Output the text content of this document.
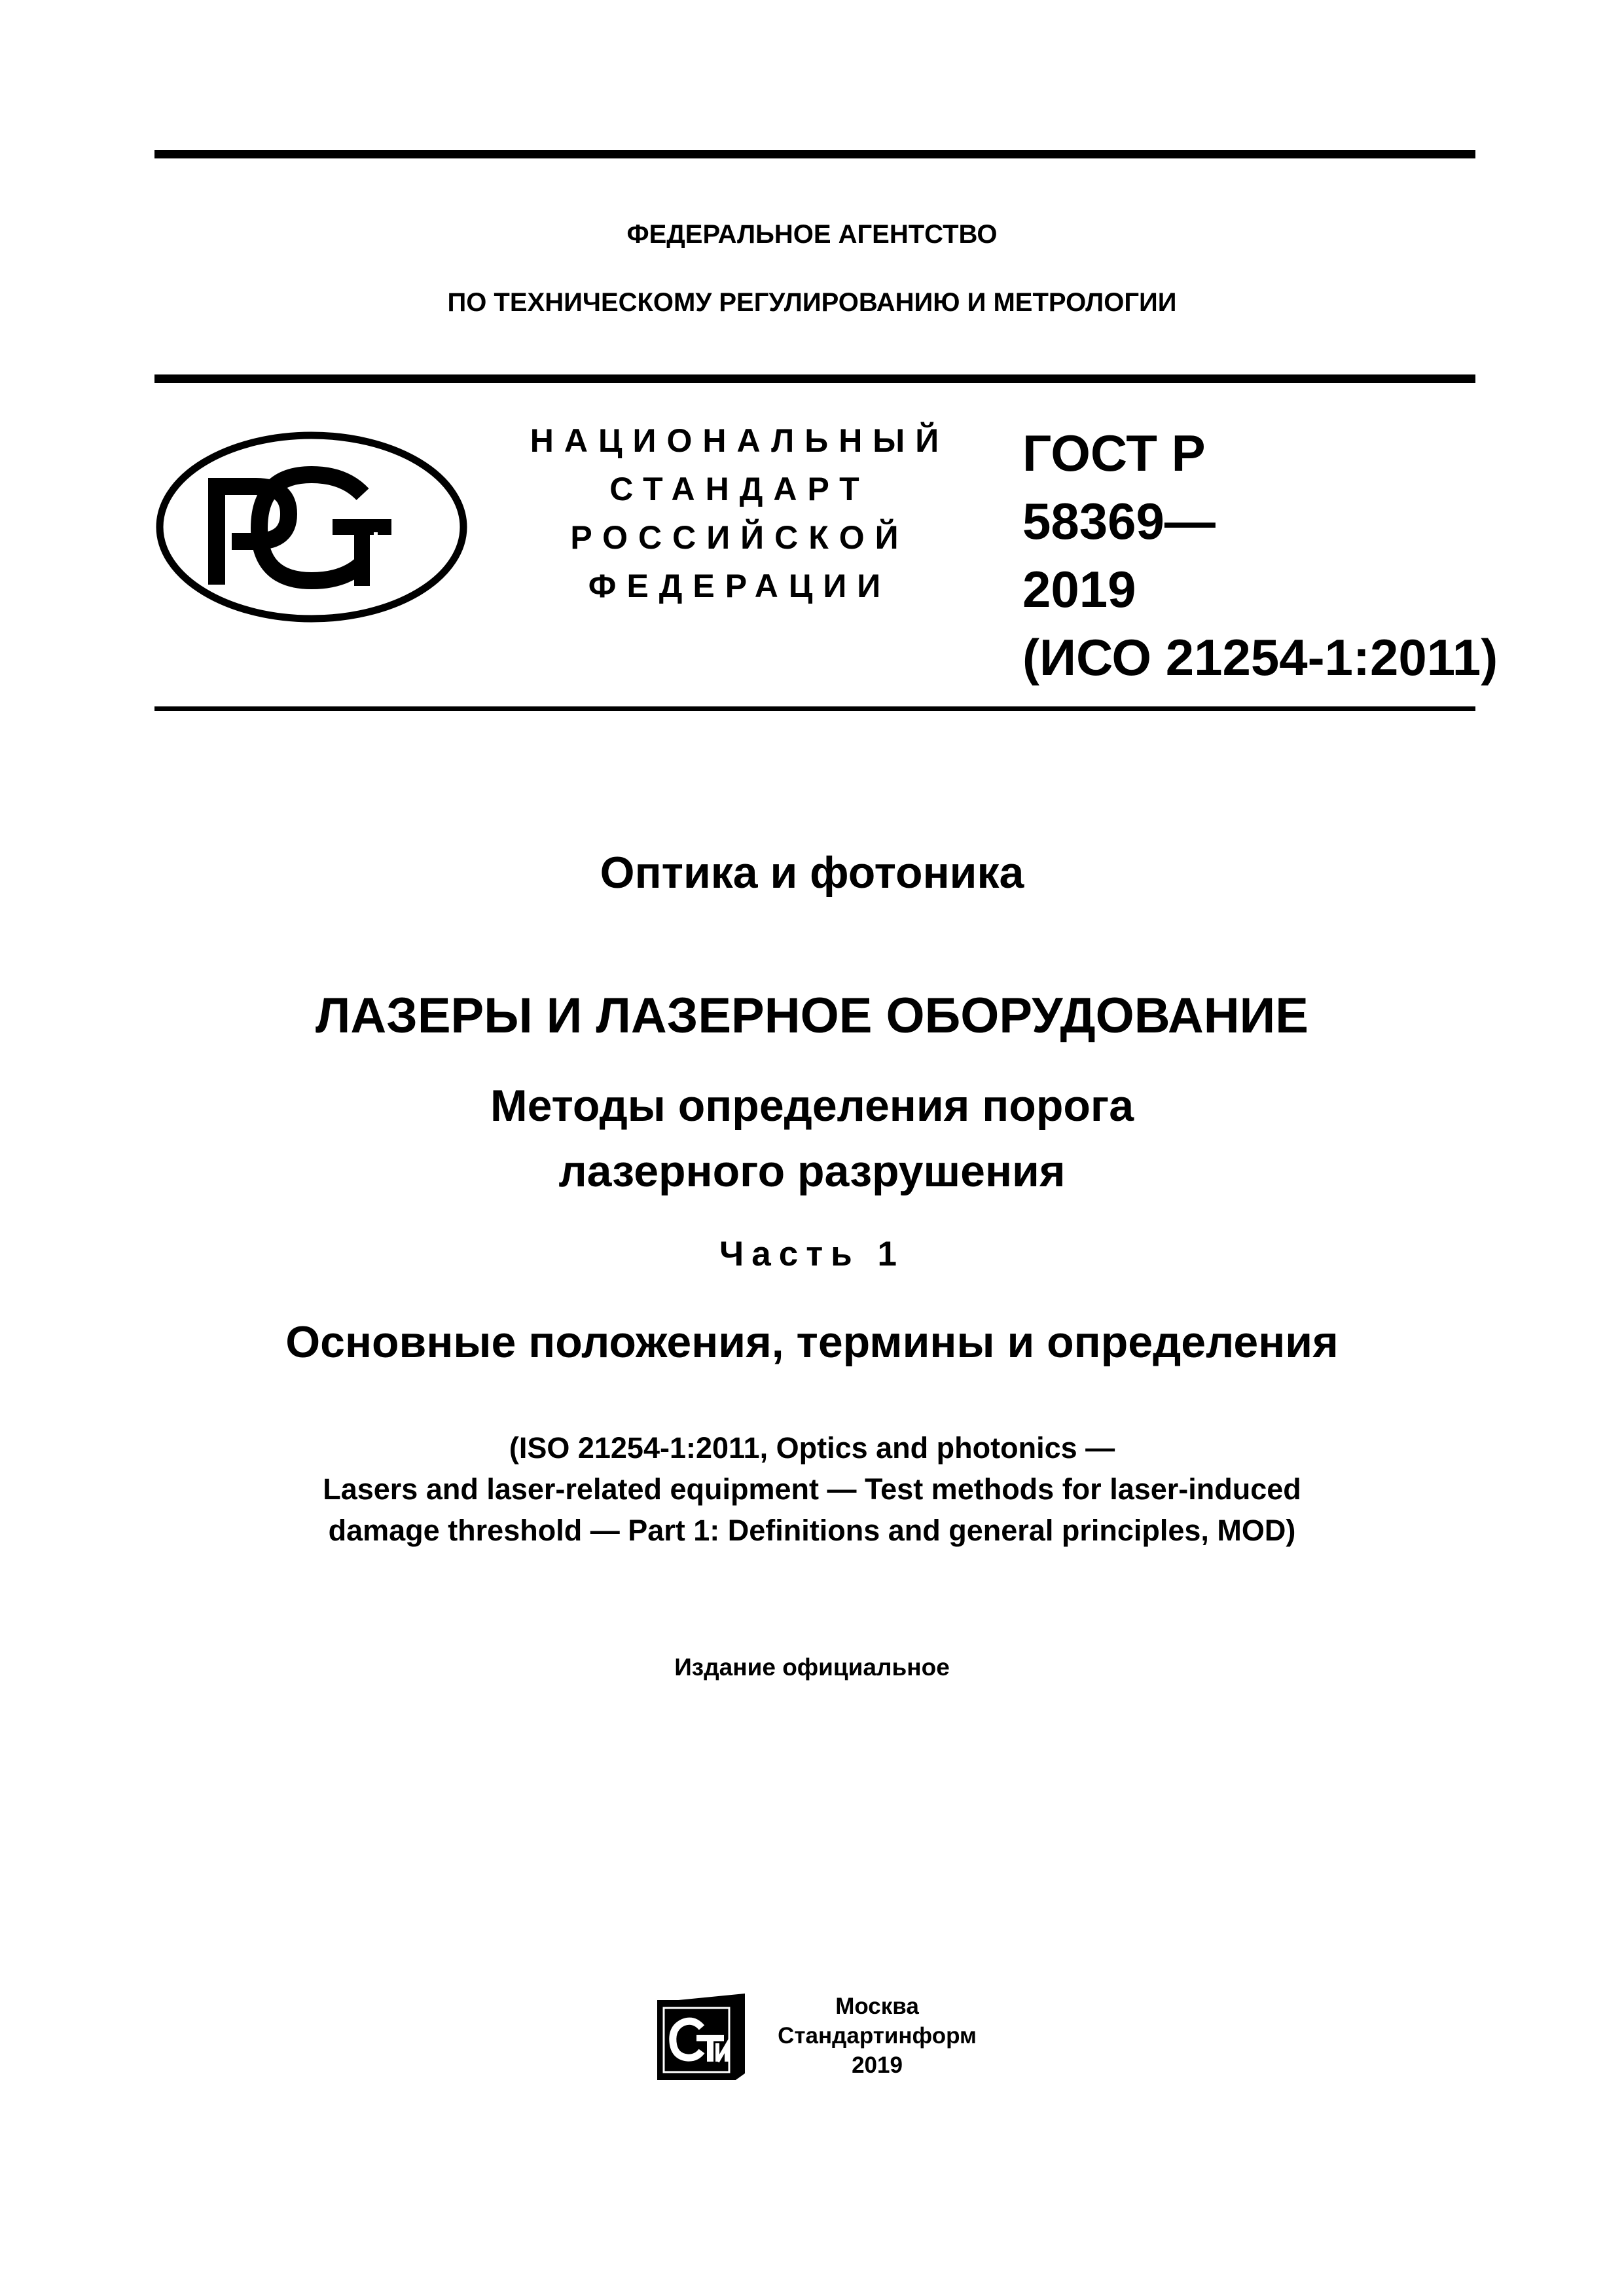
ФЕДЕРАЛЬНОЕ АГЕНТСТВО
ПО ТЕХНИЧЕСКОМУ РЕГУЛИРОВАНИЮ И МЕТРОЛОГИИ
НАЦИОНАЛЬНЫЙ
СТАНДАРТ
РОССИЙСКОЙ
ФЕДЕРАЦИИ
ГОСТ Р
58369—
2019
(ИСО 21254-1:2011)
Оптика и фотоника
ЛАЗЕРЫ И ЛАЗЕРНОЕ ОБОРУДОВАНИЕ
Методы определения порога
лазерного разрушения
Часть 1
Основные положения, термины и определения
(ISO 21254-1:2011, Optics and photonics —
Lasers and laser-related equipment — Test methods for laser-induced
damage threshold — Part 1: Definitions and general principles, MOD)
Издание официальное
Москва
Стандартинформ
2019
